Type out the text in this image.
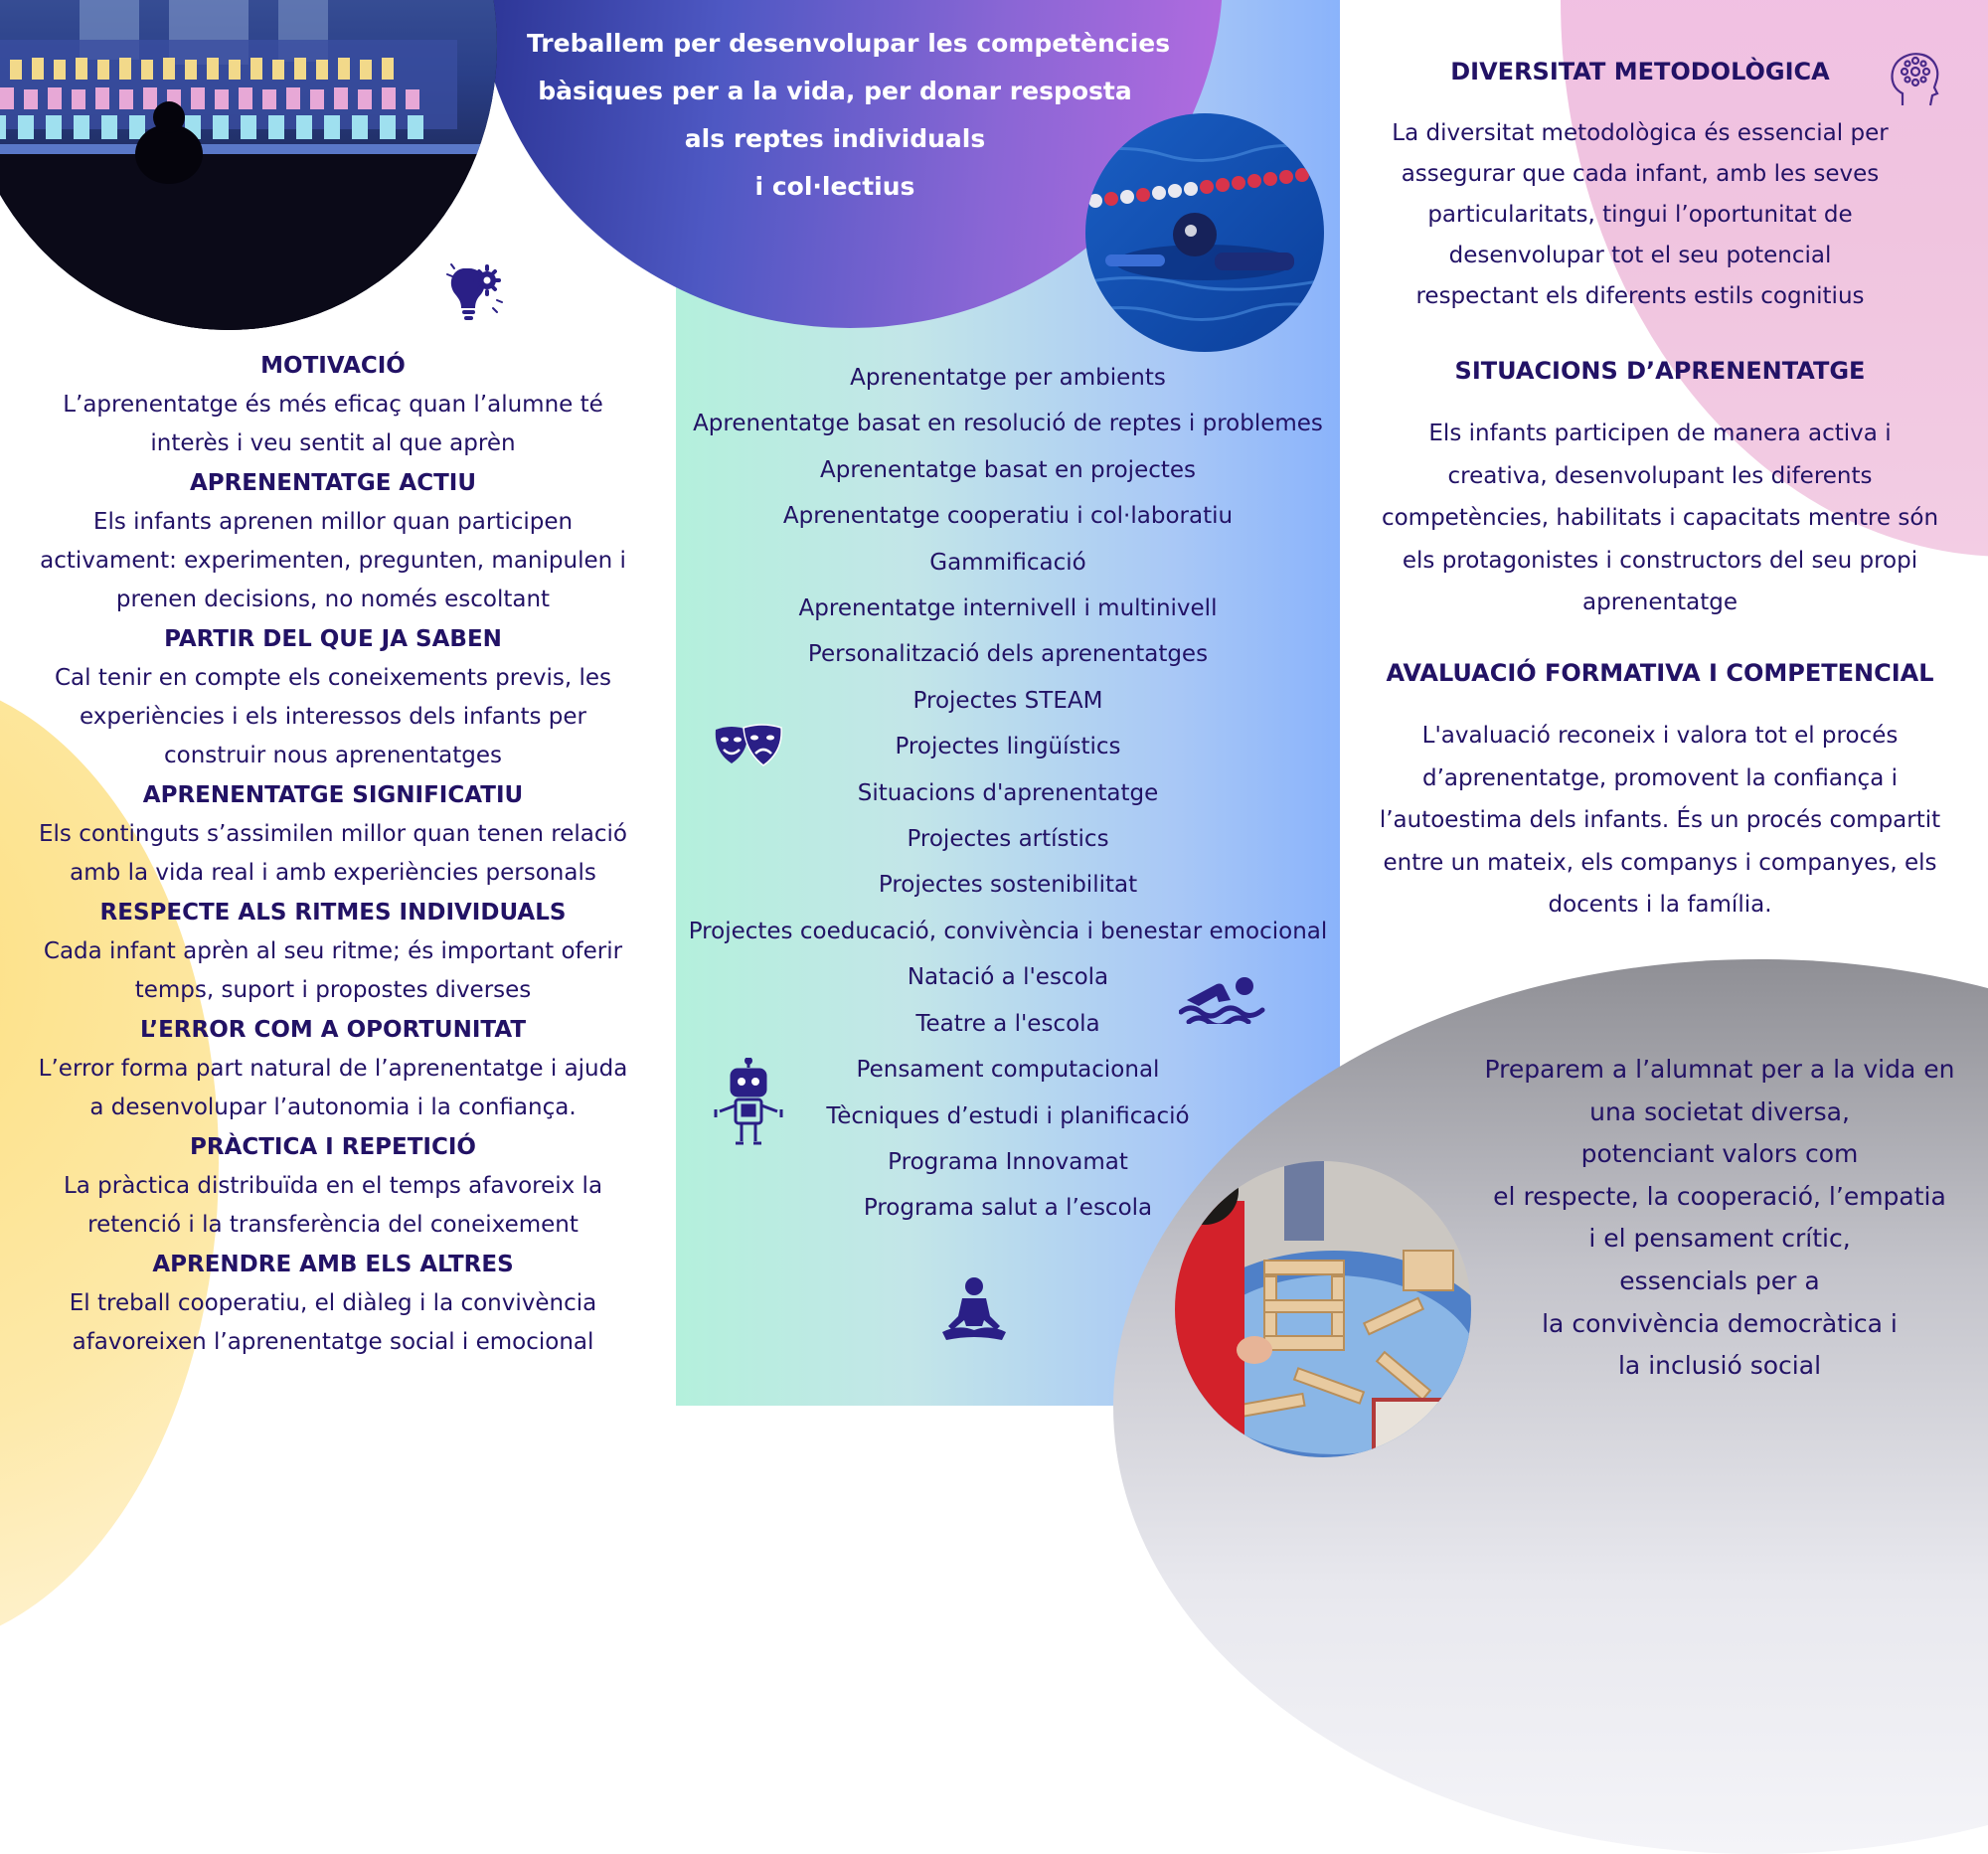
Treballem per desenvolupar les competències
bàsiques per a la vida, per donar resposta
als reptes individuals
i col·lectius
MOTIVACIÓ
L’aprenentatge és més eficaç quan l’alumne té
interès i veu sentit al que aprèn
APRENENTATGE ACTIU
Els infants aprenen millor quan participen
activament: experimenten, pregunten, manipulen i
prenen decisions, no només escoltant
PARTIR DEL QUE JA SABEN
Cal tenir en compte els coneixements previs, les
experiències i els interessos dels infants per
construir nous aprenentatges
APRENENTATGE SIGNIFICATIU
Els continguts s’assimilen millor quan tenen relació
amb la vida real i amb experiències personals
RESPECTE ALS RITMES INDIVIDUALS
Cada infant aprèn al seu ritme; és important oferir
temps, suport i propostes diverses
L’ERROR COM A OPORTUNITAT
L’error forma part natural de l’aprenentatge i ajuda
a desenvolupar l’autonomia i la confiança.
PRÀCTICA I REPETICIÓ
La pràctica distribuïda en el temps afavoreix la
retenció i la transferència del coneixement
APRENDRE AMB ELS ALTRES
El treball cooperatiu, el diàleg i la convivència
afavoreixen l’aprenentatge social i emocional
Aprenentatge per ambients
Aprenentatge basat en resolució de reptes i problemes
Aprenentatge basat en projectes
Aprenentatge cooperatiu i col·laboratiu
Gammificació
Aprenentatge internivell i multinivell
Personalització dels aprenentatges
Projectes STEAM
Projectes lingüístics
Situacions d'aprenentatge
Projectes artístics
Projectes sostenibilitat
Projectes coeducació, convivència i benestar emocional
Natació a l'escola
Teatre a l'escola
Pensament computacional
Tècniques d’estudi i planificació
Programa Innovamat
Programa salut a l’escola
DIVERSITAT METODOLÒGICA
La diversitat metodològica és essencial per
assegurar que cada infant, amb les seves
particularitats, tingui l’oportunitat de
desenvolupar tot el seu potencial
respectant els diferents estils cognitius
SITUACIONS D’APRENENTATGE
Els infants participen de manera activa i
creativa, desenvolupant les diferents
competències, habilitats i capacitats mentre són
els protagonistes i constructors del seu propi
aprenentatge
AVALUACIÓ FORMATIVA I COMPETENCIAL
L'avaluació reconeix i valora tot el procés
d’aprenentatge, promovent la confiança i
l’autoestima dels infants. És un procés compartit
entre un mateix, els companys i companyes, els
docents i la família.
Preparem a l’alumnat per a la vida en
una societat diversa,
potenciant valors com
el respecte, la cooperació, l’empatia
i el pensament crític,
essencials per a
la convivència democràtica i
la inclusió social
